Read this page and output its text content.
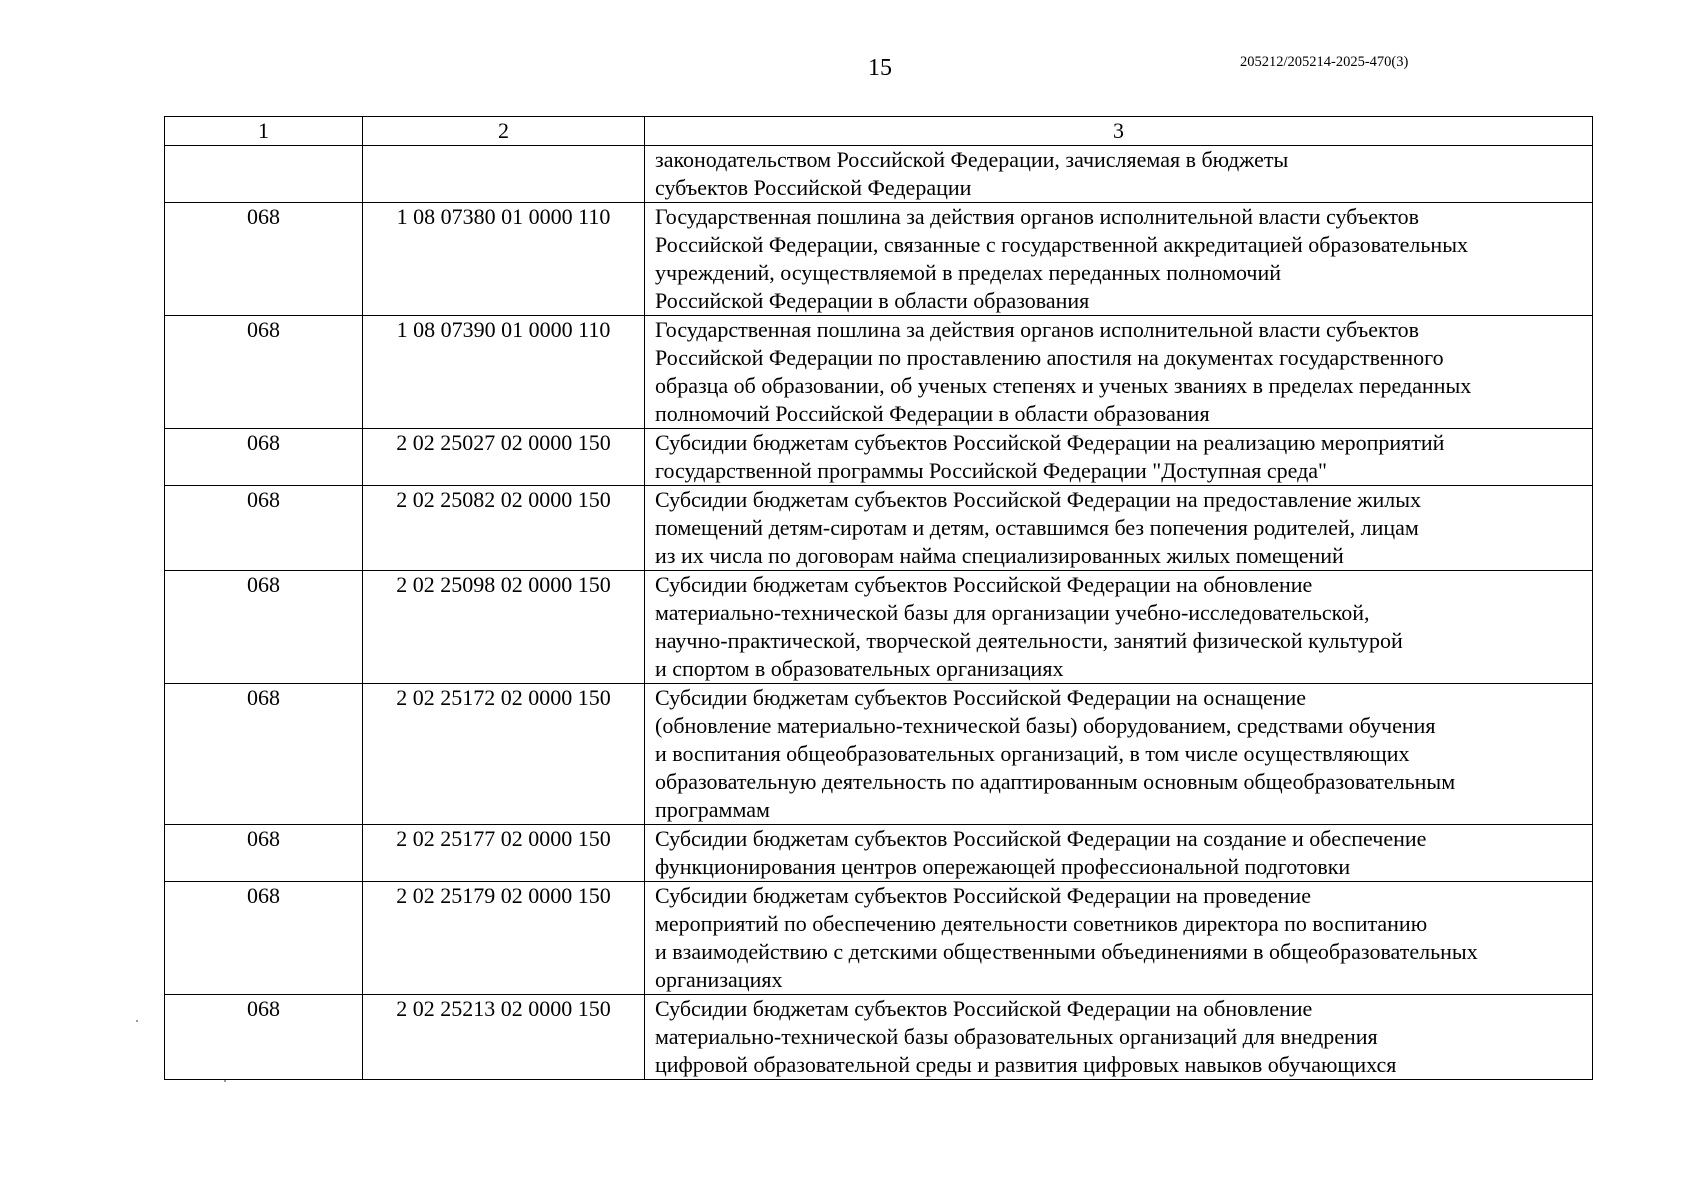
15	205212/205214-2025-470(3)
1	2	3
		законодательством Российской Федерации, зачисляемая в бюджеты
субъектов Российской Федерации
068	1 08 07380 01 0000 110	Государственная пошлина за действия органов исполнительной власти субъектов
Российской Федерации, связанные с государственной аккредитацией образовательных
учреждений, осуществляемой в пределах переданных полномочий
Российской Федерации в области образования
068	1 08 07390 01 0000 110	Государственная пошлина за действия органов исполнительной власти субъектов
Российской Федерации по проставлению апостиля на документах государственного
образца об образовании, об ученых степенях и ученых званиях в пределах переданных
полномочий Российской Федерации в области образования
068	2 02 25027 02 0000 150	Субсидии бюджетам субъектов Российской Федерации на реализацию мероприятий
государственной программы Российской Федерации "Доступная среда"
068	2 02 25082 02 0000 150	Субсидии бюджетам субъектов Российской Федерации на предоставление жилых
помещений детям-сиротам и детям, оставшимся без попечения родителей, лицам
из их числа по договорам найма специализированных жилых помещений
068	2 02 25098 02 0000 150	Субсидии бюджетам субъектов Российской Федерации на обновление
материально-технической базы для организации учебно-исследовательской,
научно-практической, творческой деятельности, занятий физической культурой
и спортом в образовательных организациях
068	2 02 25172 02 0000 150	Субсидии бюджетам субъектов Российской Федерации на оснащение
(обновление материально-технической базы) оборудованием, средствами обучения
и воспитания общеобразовательных организаций, в том числе осуществляющих
образовательную деятельность по адаптированным основным общеобразовательным
программам
068	2 02 25177 02 0000 150	Субсидии бюджетам субъектов Российской Федерации на создание и обеспечение
функционирования центров опережающей профессиональной подготовки
068	2 02 25179 02 0000 150	Субсидии бюджетам субъектов Российской Федерации на проведение
мероприятий по обеспечению деятельности советников директора по воспитанию
и взаимодействию с детскими общественными объединениями в общеобразовательных
организациях
068	2 02 25213 02 0000 150	Субсидии бюджетам субъектов Российской Федерации на обновление
материально-технической базы образовательных организаций для внедрения
цифровой образовательной среды и развития цифровых навыков обучающихся
